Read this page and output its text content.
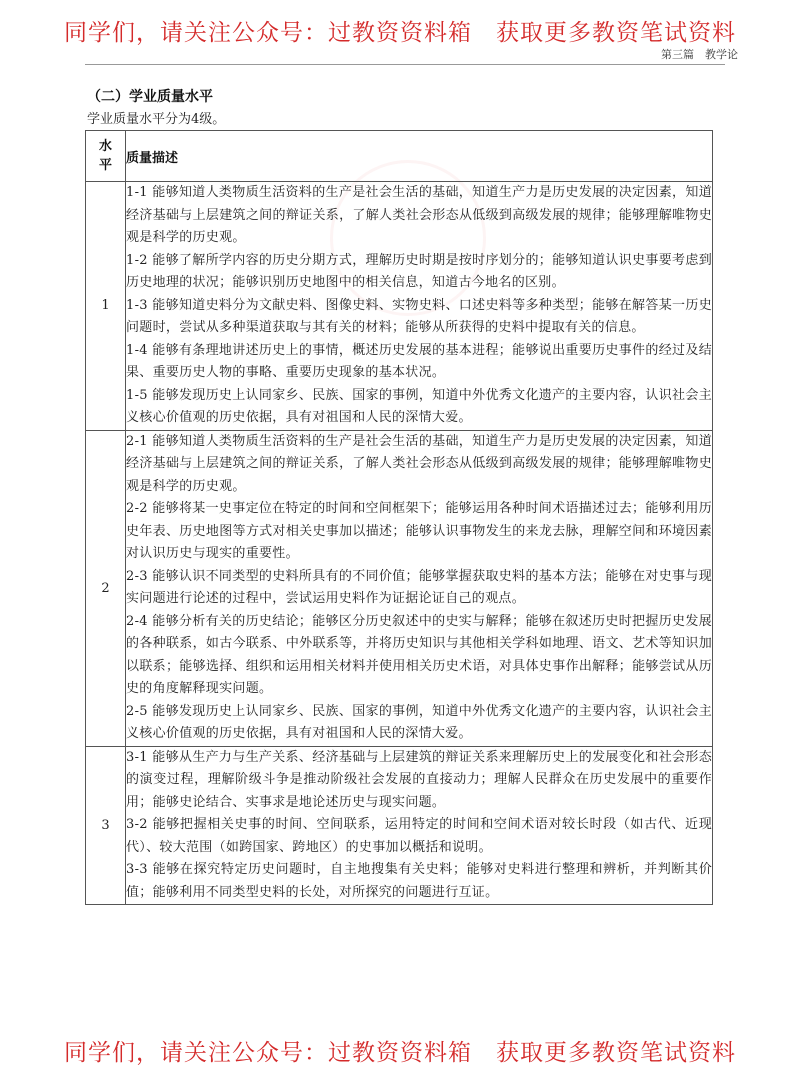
同学们，请关注公众号：过教资资料箱　获取更多教资笔试资料
第三篇　教学论
（二）学业质量水平
学业质量水平分为4级。
水
平	质量描述
1	1-1 能够知道人类物质生活资料的生产是社会生活的基础，知道生产力是历史发展的决定因素，知道经济基础与上层建筑之间的辩证关系，了解人类社会形态从低级到高级发展的规律；能够理解唯物史观是科学的历史观。
1-2 能够了解所学内容的历史分期方式，理解历史时期是按时序划分的；能够知道认识史事要考虑到历史地理的状况；能够识别历史地图中的相关信息，知道古今地名的区别。
1-3 能够知道史料分为文献史料、图像史料、实物史料、口述史料等多种类型；能够在解答某一历史问题时，尝试从多种渠道获取与其有关的材料；能够从所获得的史料中提取有关的信息。
1-4 能够有条理地讲述历史上的事情，概述历史发展的基本进程；能够说出重要历史事件的经过及结果、重要历史人物的事略、重要历史现象的基本状况。
1-5 能够发现历史上认同家乡、民族、国家的事例，知道中外优秀文化遗产的主要内容，认识社会主义核心价值观的历史依据，具有对祖国和人民的深情大爱。

2	2-1 能够知道人类物质生活资料的生产是社会生活的基础，知道生产力是历史发展的决定因素，知道经济基础与上层建筑之间的辩证关系，了解人类社会形态从低级到高级发展的规律；能够理解唯物史观是科学的历史观。
2-2 能够将某一史事定位在特定的时间和空间框架下；能够运用各种时间术语描述过去；能够利用历史年表、历史地图等方式对相关史事加以描述；能够认识事物发生的来龙去脉，理解空间和环境因素对认识历史与现实的重要性。
2-3 能够认识不同类型的史料所具有的不同价值；能够掌握获取史料的基本方法；能够在对史事与现实问题进行论述的过程中，尝试运用史料作为证据论证自己的观点。
2-4 能够分析有关的历史结论；能够区分历史叙述中的史实与解释；能够在叙述历史时把握历史发展的各种联系，如古今联系、中外联系等，并将历史知识与其他相关学科如地理、语文、艺术等知识加以联系；能够选择、组织和运用相关材料并使用相关历史术语，对具体史事作出解释；能够尝试从历史的角度解释现实问题。
2-5 能够发现历史上认同家乡、民族、国家的事例，知道中外优秀文化遗产的主要内容，认识社会主义核心价值观的历史依据，具有对祖国和人民的深情大爱。

3	3-1 能够从生产力与生产关系、经济基础与上层建筑的辩证关系来理解历史上的发展变化和社会形态的演变过程，理解阶级斗争是推动阶级社会发展的直接动力；理解人民群众在历史发展中的重要作用；能够史论结合、实事求是地论述历史与现实问题。
3-2 能够把握相关史事的时间、空间联系，运用特定的时间和空间术语对较长时段（如古代、近现代）、较大范围（如跨国家、跨地区）的史事加以概括和说明。
3-3 能够在探究特定历史问题时，自主地搜集有关史料；能够对史料进行整理和辨析，并判断其价值；能够利用不同类型史料的长处，对所探究的问题进行互证。
同学们，请关注公众号：过教资资料箱　获取更多教资笔试资料
